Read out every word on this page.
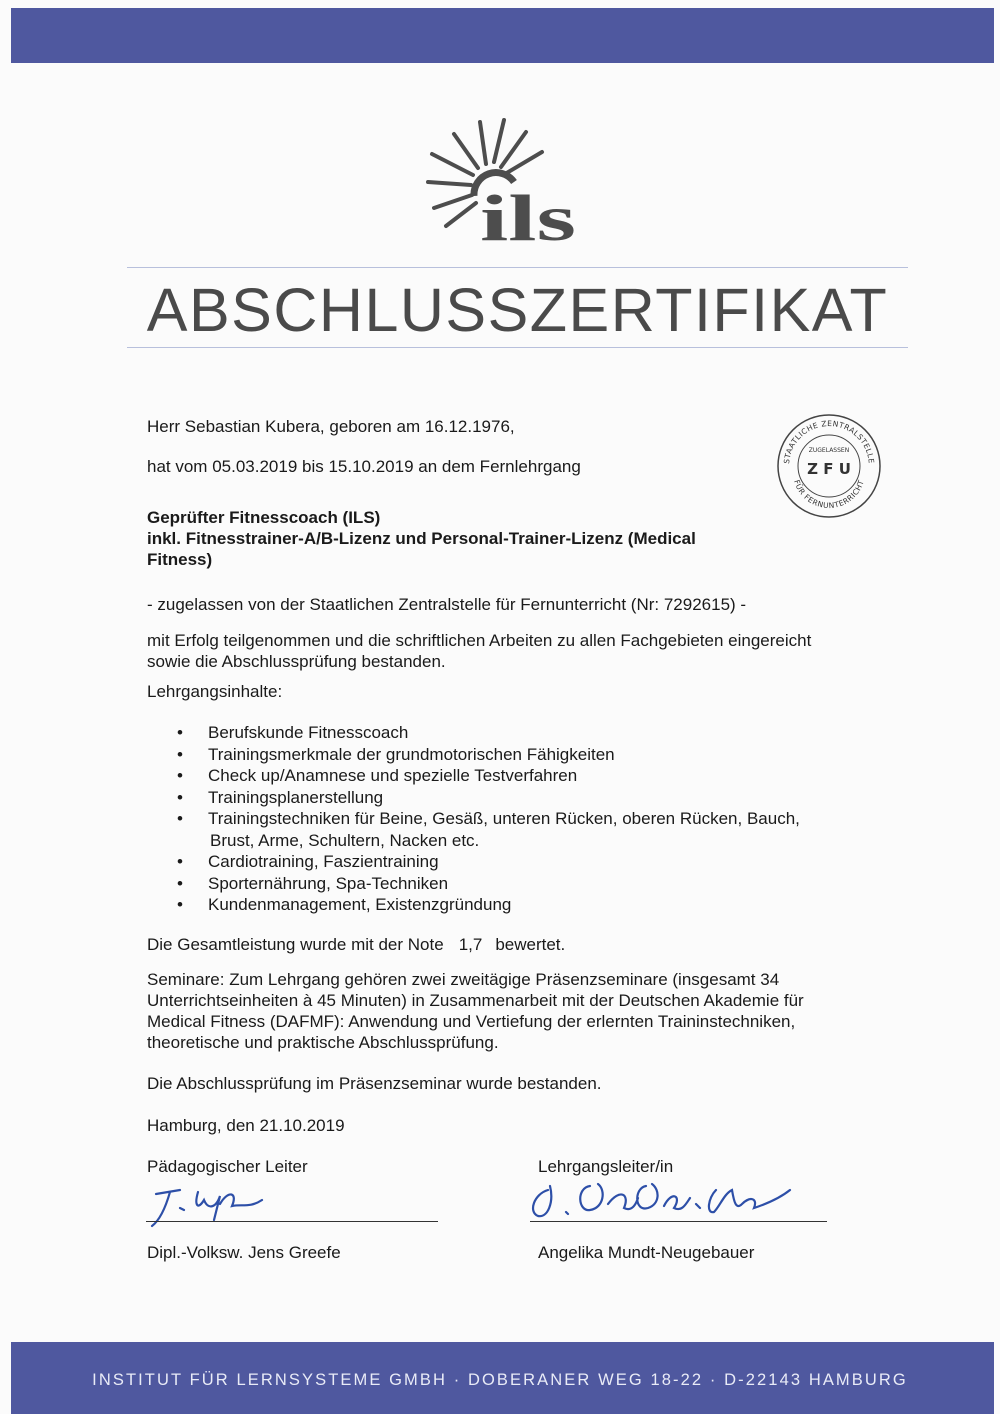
ils
ABSCHLUSSZERTIFIKAT
Herr Sebastian Kubera, geboren am 16.12.1976,
hat vom 05.03.2019 bis 15.10.2019 an dem Fernlehrgang
Geprüfter Fitnesscoach (ILS)
inkl. Fitnesstrainer-A/B-Lizenz und Personal-Trainer-Lizenz (Medical
Fitness)
- zugelassen von der Staatlichen Zentralstelle für Fernunterricht (Nr: 7292615) -
mit Erfolg teilgenommen und die schriftlichen Arbeiten zu allen Fachgebieten eingereicht
sowie die Abschlussprüfung bestanden.
Lehrgangsinhalte:
• Berufskunde Fitnesscoach
• Trainingsmerkmale der grundmotorischen Fähigkeiten
• Check up/Anamnese und spezielle Testverfahren
• Trainingsplanerstellung
• Trainingstechniken für Beine, Gesäß, unteren Rücken, oberen Rücken, Bauch,
Brust, Arme, Schultern, Nacken etc.
• Cardiotraining, Faszientraining
• Sporternährung, Spa-Techniken
• Kundenmanagement, Existenzgründung
Die Gesamtleistung wurde mit der Note 1,7 bewertet.
Seminare: Zum Lehrgang gehören zwei zweitägige Präsenzseminare (insgesamt 34
Unterrichtseinheiten à 45 Minuten) in Zusammenarbeit mit der Deutschen Akademie für
Medical Fitness (DAFMF): Anwendung und Vertiefung der erlernten Traininstechniken,
theoretische und praktische Abschlussprüfung.
Die Abschlussprüfung im Präsenzseminar wurde bestanden.
Hamburg, den 21.10.2019
Pädagogischer Leiter	Lehrgangsleiter/in
Dipl.-Volksw. Jens Greefe	Angelika Mundt-Neugebauer
STAATLICHE ZENTRALSTELLE
FÜR FERNUNTERRICHT
ZUGELASSEN
Z F U
INSTITUT FÜR LERNSYSTEME GMBH · DOBERANER WEG 18-22 · D-22143 HAMBURG
